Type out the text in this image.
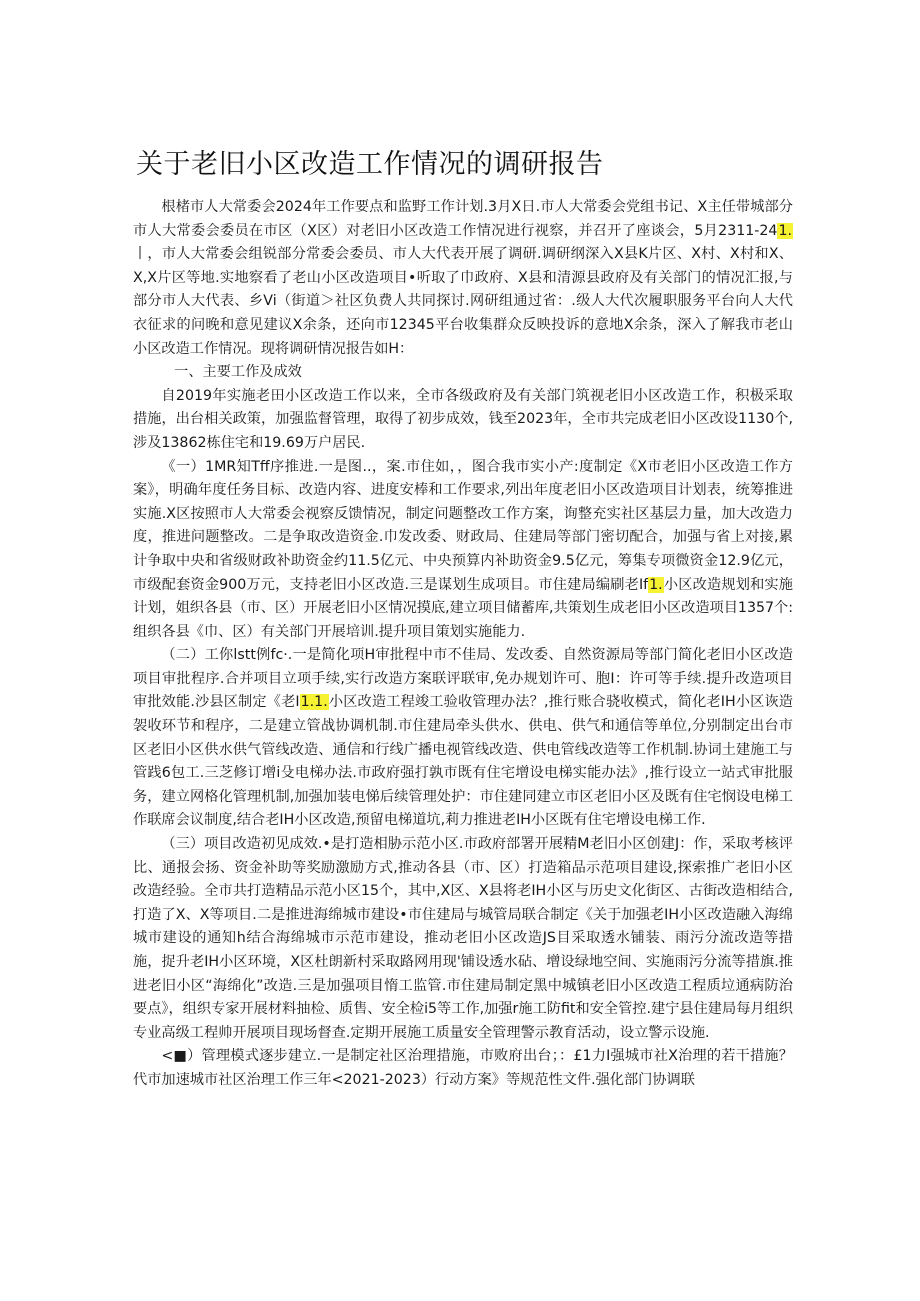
关于老旧小区改造工作情况的调研报告

根楮市人大常委会2024年工作要点和监野工作计划.3月X日.市人大常委会党组书记、X主任带城部分市人大常委会委员在市区（X区）对老旧小区改造工作情况进行视察，并召开了座谈会，5月2311-241.丨，市人大常委会组锐部分常委会委员、市人大代表开展了调研.调研纲深入X县K片区、X村、X村和X、X,X片区等地.实地察看了老山小区改造项目•听取了巾政府、X县和清源县政府及有关部门的情况汇报,与部分市人大代表、乡Vi（街道＞社区负费人共同探讨.网研组通过省：.级人大代次履职服务平台向人大代衣征求的问晚和意见建议X余条，还向市12345平台收集群众反映投诉的意地X余条，深入了解我市老山小区改造工作情况。现将调研情况报告如H：

一、主要工作及成效

自2019年实施老田小区改造工作以来，全市各级政府及有关部门筑视老旧小区改造工作，积极采取措施，出台相关政策，加强监督管理，取得了初步成效，钱至2023年，全市共完成老旧小区改设1130个,涉及13862栋住宅和19.69万户居民.

《一）1MR知Tff序推进.一是图..，案.市住如，，图合我市实小产:度制定《X市老旧小区改造工作方案》，明确年度任务目标、改造内容、进度安棒和工作要求,列出年度老旧小区改造项目计划表，统筹推进实施.X区按照市人大常委会视察反馈情况，制定问题整改工作方案，询整充实社区基层力量，加大改造力度，推进问题整改。二是争取改造资金.巾发改委、财政局、住建局等部门密切配合，加强与省上对接,累计争取中央和省级财政补助资金约11.5亿元、中央预算内补助资金9.5亿元，筹集专项微资金12.9亿元，市级配套资金900万元，支持老旧小区改造.三是谋划生成项目。市住建局编刷老If1.小区改造规划和实施计划，姐织各县（市、区）开展老旧小区情况摸底,建立项目储蓄库,共策划生成老旧小区改造项目1357个:组织各县《巾、区）有关部门开展培训.提升项目策划实施能力.

（二）工你lstt例fc·.一是简化项H审批程中市不佳局、发改委、自然资源局等部门简化老旧小区改造项目审批程序.合并项目立项手续,实行改造方案联评联审,免办规划许可、胞I：许可等手续.提升改造项目审批效能.沙县区制定《老I1.1.小区改造工程竣工验收管理办法？,推行账合骁收模式，简化老IH小区诙造袈收环节和程序，二是建立管战协调机制.市住建局牵头供水、供电、供气和通信等单位,分别制定出台市区老旧小区供水供气管线改造、通信和行线广播电视管线改造、供电管线改造等工作机制.协词土建施工与管践6包工.三芝修订增i殳电梯办法.市政府强打孰市既有住宅增设电梯实能办法》,推行设立一站式审批服务，建立网格化管理机制,加强加装电悌后续管理处护：市住建同建立市区老旧小区及既有住宅悯设电梯工作联席会议制度,结合老IH小区改造,预留电梯道坑,莉力推进老IH小区既有住宅增设电梯工作.

（三）项目改造初见成效.•是打造相胁示范小区.市政府部署开展精M老旧小区创建J：作，采取考核评比、通报会扬、资金补助等奖励激励方式,推动各县（市、区）打造箱品示范项目建设,探索推广老旧小区改造经验。全市共打造精品示范小区15个，其中,X区、X县将老IH小区与历史文化街区、古街改造相结合,打造了X、X等项目.二是推进海绵城市建设•市住建局与城管局联合制定《关于加强老IH小区改造融入海绵城市建设的通知h结合海绵城市示范市建设，推动老旧小区改造JS目采取透水铺装、雨污分流改造等措施，捉升老IH小区环境，X区杜朗新村采取路网用现'铺设透水砧、增设绿地空间、实施雨污分流等措旗.推进老旧小区“海绵化”改造.三是加强项目惰工监管.市住建局制定黑中城镇老旧小区改造工程质垃通病防治要点》，组织专家开展材料抽检、质售、安全检i5等工作,加强r施工防fit和安全管控.建宁县住建局每月组织专业高级工程帅开展项目现场督查.定期开展施工质量安全管理警示教育活动，设立警示设施.

<■）管理模式逐步建立.一是制定社区治理措施，市败府出台；：£1力I强城市社X治理的若干措施？代市加速城市社区治理工作三年<2021-2023）行动方案》等规范性文件.强化部门协调联
